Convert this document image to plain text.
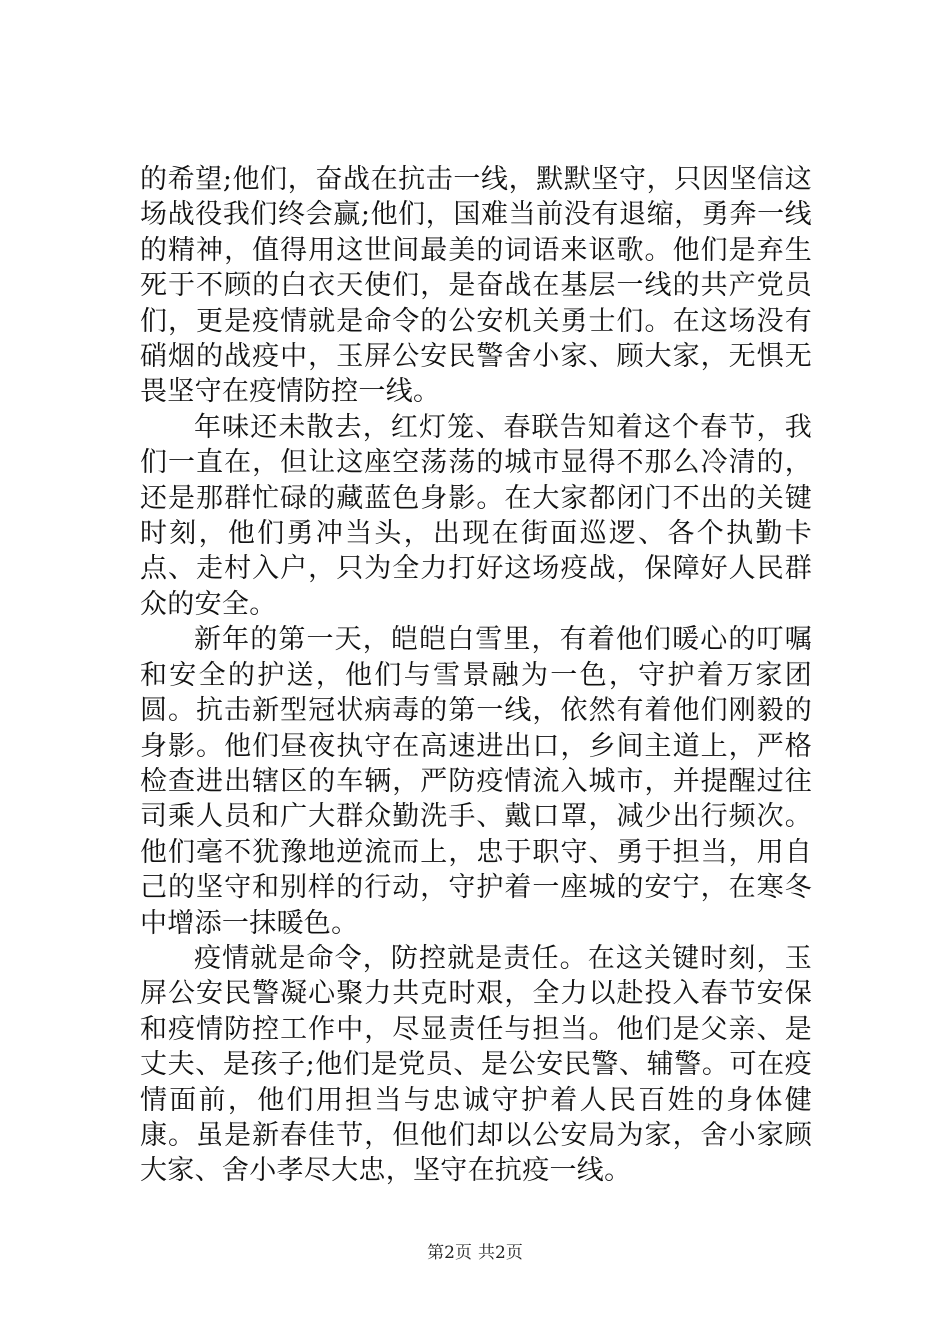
的希望;他们，奋战在抗击一线，默默坚守，只因坚信这场战役我们终会赢;他们，国难当前没有退缩，勇奔一线的精神，值得用这世间最美的词语来讴歌。他们是弃生死于不顾的白衣天使们，是奋战在基层一线的共产党员们，更是疫情就是命令的公安机关勇士们。在这场没有硝烟的战疫中，玉屏公安民警舍小家、顾大家，无惧无畏坚守在疫情防控一线。

年味还未散去，红灯笼、春联告知着这个春节，我们一直在，但让这座空荡荡的城市显得不那么冷清的，还是那群忙碌的藏蓝色身影。在大家都闭门不出的关键时刻，他们勇冲当头，出现在街面巡逻、各个执勤卡点、走村入户，只为全力打好这场疫战，保障好人民群众的安全。

新年的第一天，皑皑白雪里，有着他们暖心的叮嘱和安全的护送，他们与雪景融为一色，守护着万家团圆。抗击新型冠状病毒的第一线，依然有着他们刚毅的身影。他们昼夜执守在高速进出口，乡间主道上，严格检查进出辖区的车辆，严防疫情流入城市，并提醒过往司乘人员和广大群众勤洗手、戴口罩，减少出行频次。他们毫不犹豫地逆流而上，忠于职守、勇于担当，用自己的坚守和别样的行动，守护着一座城的安宁，在寒冬中增添一抹暖色。

疫情就是命令，防控就是责任。在这关键时刻，玉屏公安民警凝心聚力共克时艰，全力以赴投入春节安保和疫情防控工作中，尽显责任与担当。他们是父亲、是丈夫、是孩子;他们是党员、是公安民警、辅警。可在疫情面前，他们用担当与忠诚守护着人民百姓的身体健康。虽是新春佳节，但他们却以公安局为家，舍小家顾大家、舍小孝尽大忠，坚守在抗疫一线。

第2页 共2页
